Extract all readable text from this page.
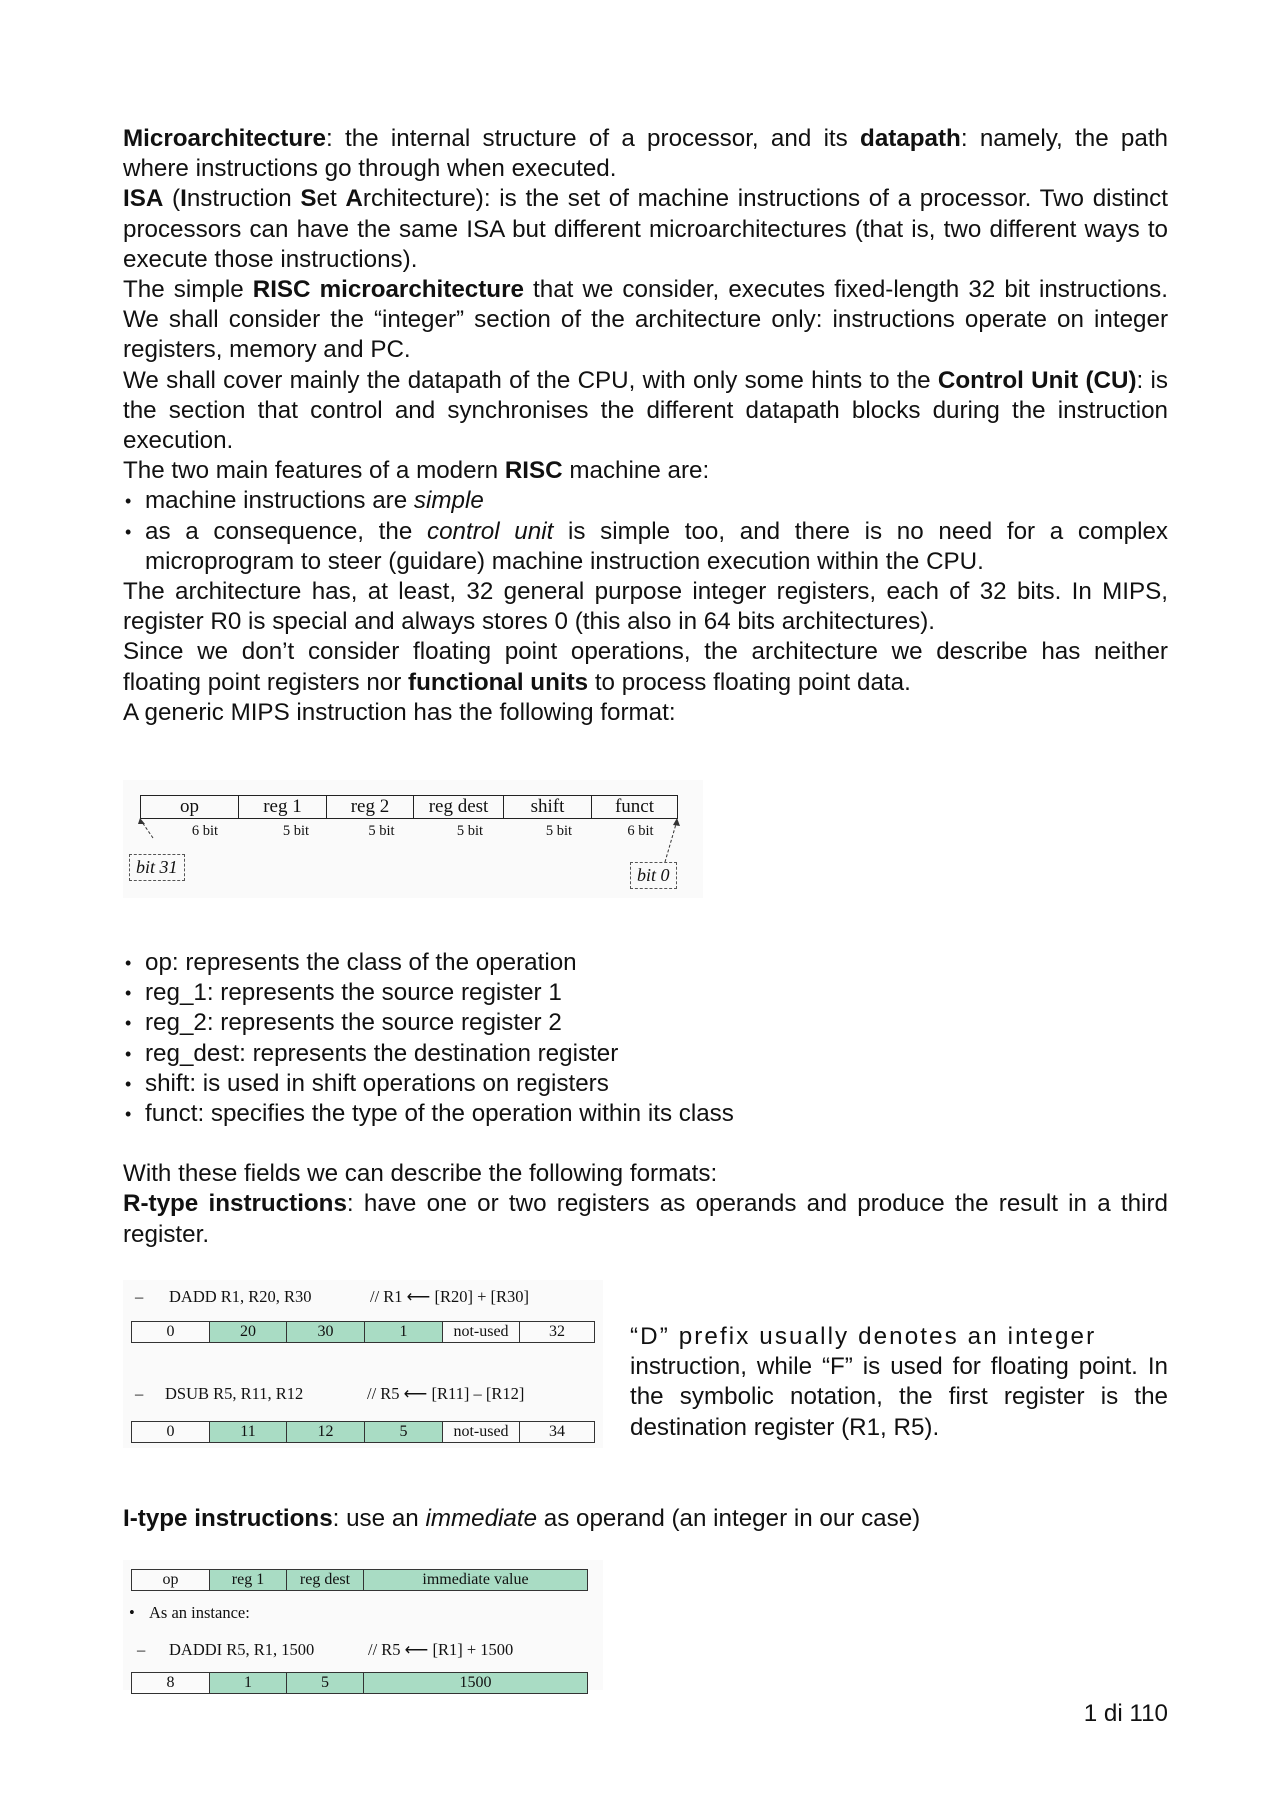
Microarchitecture: the internal structure of a processor, and its datapath: namely, the path where instructions go through when executed.

ISA (Instruction Set Architecture): is the set of machine instructions of a processor. Two distinct processors can have the same ISA but different microarchitectures (that is, two different ways to execute those instructions).

The simple RISC microarchitecture that we consider, executes fixed-length 32 bit instructions. We shall consider the “integer” section of the architecture only: instructions operate on integer registers, memory and PC.

We shall cover mainly the datapath of the CPU, with only some hints to the Control Unit (CU): is the section that control and synchronises the different datapath blocks during the instruction execution.

The two main features of a modern RISC machine are:

• machine instructions are simple
• as a consequence, the control unit is simple too, and there is no need for a complex microprogram to steer (guidare) machine instruction execution within the CPU.

The architecture has, at least, 32 general purpose integer registers, each of 32 bits. In MIPS, register R0 is special and always stores 0 (this also in 64 bits architectures).

Since we don’t consider floating point operations, the architecture we describe has neither floating point registers nor functional units to process floating point data.

A generic MIPS instruction has the following format:

• op: represents the class of the operation
• reg_1: represents the source register 1
• reg_2: represents the source register 2
• reg_dest: represents the destination register
• shift: is used in shift operations on registers
• funct: specifies the type of the operation within its class

With these fields we can describe the following formats:

R-type instructions: have one or two registers as operands and produce the result in a third register.

op	reg 1	reg 2	reg dest	shift	funct
6 bit	5 bit	5 bit	5 bit	5 bit	6 bit
bit 31	bit 0
– DADD R1, R20, R30	// R1 ⟵ [R20] + [R30]
0	20	30	1	not-used	32
– DSUB R5, R11, R12	// R5 ⟵ [R11] – [R12]
0	11	12	5	not-used	34
“D” prefix usually denotes an integer
instruction, while “F” is used for floating point. In the symbolic notation, the first register is the destination register (R1, R5).

I-type instructions: use an immediate as operand (an integer in our case)

op	reg 1	reg dest	immediate value
• As an instance:
– DADDI R5, R1, 1500	// R5 ⟵ [R1] + 1500
8	1	5	1500
1 di 110
